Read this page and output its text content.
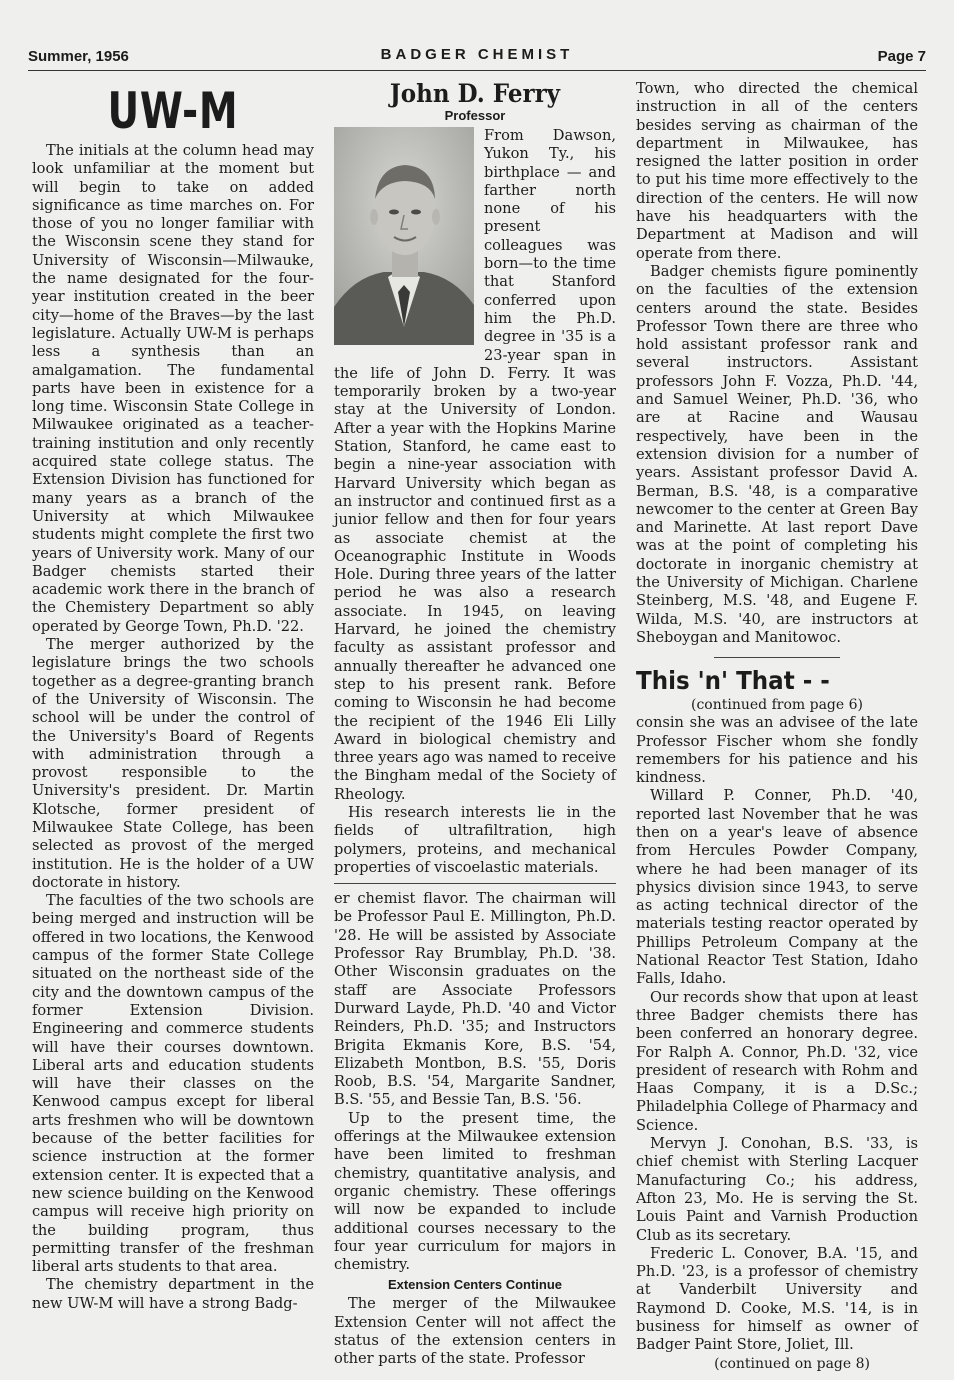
Summer, 1956	BADGER CHEMIST	Page 7
UW-M

The initials at the column head may look unfamiliar at the moment but will begin to take on added significance as time marches on. For those of you no longer familiar with the Wisconsin scene they stand for University of Wisconsin—Milwauke, the name designated for the four-year institution created in the beer city—home of the Braves—by the last legislature. Actually UW-M is perhaps less a synthesis than an amalgamation. The fundamental parts have been in existence for a long time. Wisconsin State College in Milwaukee originated as a teacher-training institution and only recently acquired state college status. The Extension Division has functioned for many years as a branch of the University at which Milwaukee students might complete the first two years of University work. Many of our Badger chemists started their academic work there in the branch of the Chemistery Department so ably operated by George Town, Ph.D. '22.

The merger authorized by the legislature brings the two schools together as a degree-granting branch of the University of Wisconsin. The school will be under the control of the University's Board of Regents with administration through a provost responsible to the University's president. Dr. Martin Klotsche, former president of Milwaukee State College, has been selected as provost of the merged institution. He is the holder of a UW doctorate in history.

The faculties of the two schools are being merged and instruction will be offered in two locations, the Kenwood campus of the former State College situated on the northeast side of the city and the downtown campus of the former Extension Division. Engineering and commerce students will have their courses downtown. Liberal arts and education students will have their classes on the Kenwood campus except for liberal arts freshmen who will be downtown because of the better facilities for science instruction at the former extension center. It is expected that a new science building on the Kenwood campus will receive high priority on the building program, thus permitting transfer of the freshman liberal arts students to that area.

The chemistry department in the new UW-M will have a strong Badg-

John D. Ferry
Professor

From Dawson, Yukon Ty., his birthplace — and farther north none of his present colleagues was born—to the time that Stanford conferred upon him the Ph.D. degree in '35 is a 23-year span in the life of John D. Ferry. It was temporarily broken by a two-year stay at the University of London. After a year with the Hopkins Marine Station, Stanford, he came east to begin a nine-year association with Harvard University which began as an instructor and continued first as a junior fellow and then for four years as associate chemist at the Oceanographic Institute in Woods Hole. During three years of the latter period he was also a research associate. In 1945, on leaving Harvard, he joined the chemistry faculty as assistant professor and annually thereafter he advanced one step to his present rank. Before coming to Wisconsin he had become the recipient of the 1946 Eli Lilly Award in biological chemistry and three years ago was named to receive the Bingham medal of the Society of Rheology.

His research interests lie in the fields of ultrafiltration, high polymers, proteins, and mechanical properties of viscoelastic materials.

er chemist flavor. The chairman will be Professor Paul E. Millington, Ph.D. '28. He will be assisted by Associate Professor Ray Brumblay, Ph.D. '38. Other Wisconsin graduates on the staff are Associate Professors Durward Layde, Ph.D. '40 and Victor Reinders, Ph.D. '35; and Instructors Brigita Ekmanis Kore, B.S. '54, Elizabeth Montbon, B.S. '55, Doris Roob, B.S. '54, Margarite Sandner, B.S. '55, and Bessie Tan, B.S. '56.

Up to the present time, the offerings at the Milwaukee extension have been limited to freshman chemistry, quantitative analysis, and organic chemistry. These offerings will now be expanded to include additional courses necessary to the four year curriculum for majors in chemistry.

Extension Centers Continue

The merger of the Milwaukee Extension Center will not affect the status of the extension centers in other parts of the state. Professor

Town, who directed the chemical instruction in all of the centers besides serving as chairman of the department in Milwaukee, has resigned the latter position in order to put his time more effectively to the direction of the centers. He will now have his headquarters with the Department at Madison and will operate from there.

Badger chemists figure pominently on the faculties of the extension centers around the state. Besides Professor Town there are three who hold assistant professor rank and several instructors. Assistant professors John F. Vozza, Ph.D. '44, and Samuel Weiner, Ph.D. '36, who are at Racine and Wausau respectively, have been in the extension division for a number of years. Assistant professor David A. Berman, B.S. '48, is a comparative newcomer to the center at Green Bay and Marinette. At last report Dave was at the point of completing his doctorate in inorganic chemistry at the University of Michigan. Charlene Steinberg, M.S. '48, and Eugene F. Wilda, M.S. '40, are instructors at Sheboygan and Manitowoc.

This 'n' That - -

(continued from page 6)

consin she was an advisee of the late Professor Fischer whom she fondly remembers for his patience and his kindness.

Willard P. Conner, Ph.D. '40, reported last November that he was then on a year's leave of absence from Hercules Powder Company, where he had been manager of its physics division since 1943, to serve as acting technical director of the materials testing reactor operated by Phillips Petroleum Company at the National Reactor Test Station, Idaho Falls, Idaho.

Our records show that upon at least three Badger chemists there has been conferred an honorary degree. For Ralph A. Connor, Ph.D. '32, vice president of research with Rohm and Haas Company, it is a D.Sc.; Philadelphia College of Pharmacy and Science.

Mervyn J. Conohan, B.S. '33, is chief chemist with Sterling Lacquer Manufacturing Co.; his address, Afton 23, Mo. He is serving the St. Louis Paint and Varnish Production Club as its secretary.

Frederic L. Conover, B.A. '15, and Ph.D. '23, is a professor of chemistry at Vanderbilt University and Raymond D. Cooke, M.S. '14, is in business for himself as owner of Badger Paint Store, Joliet, Ill.

(continued on page 8)
